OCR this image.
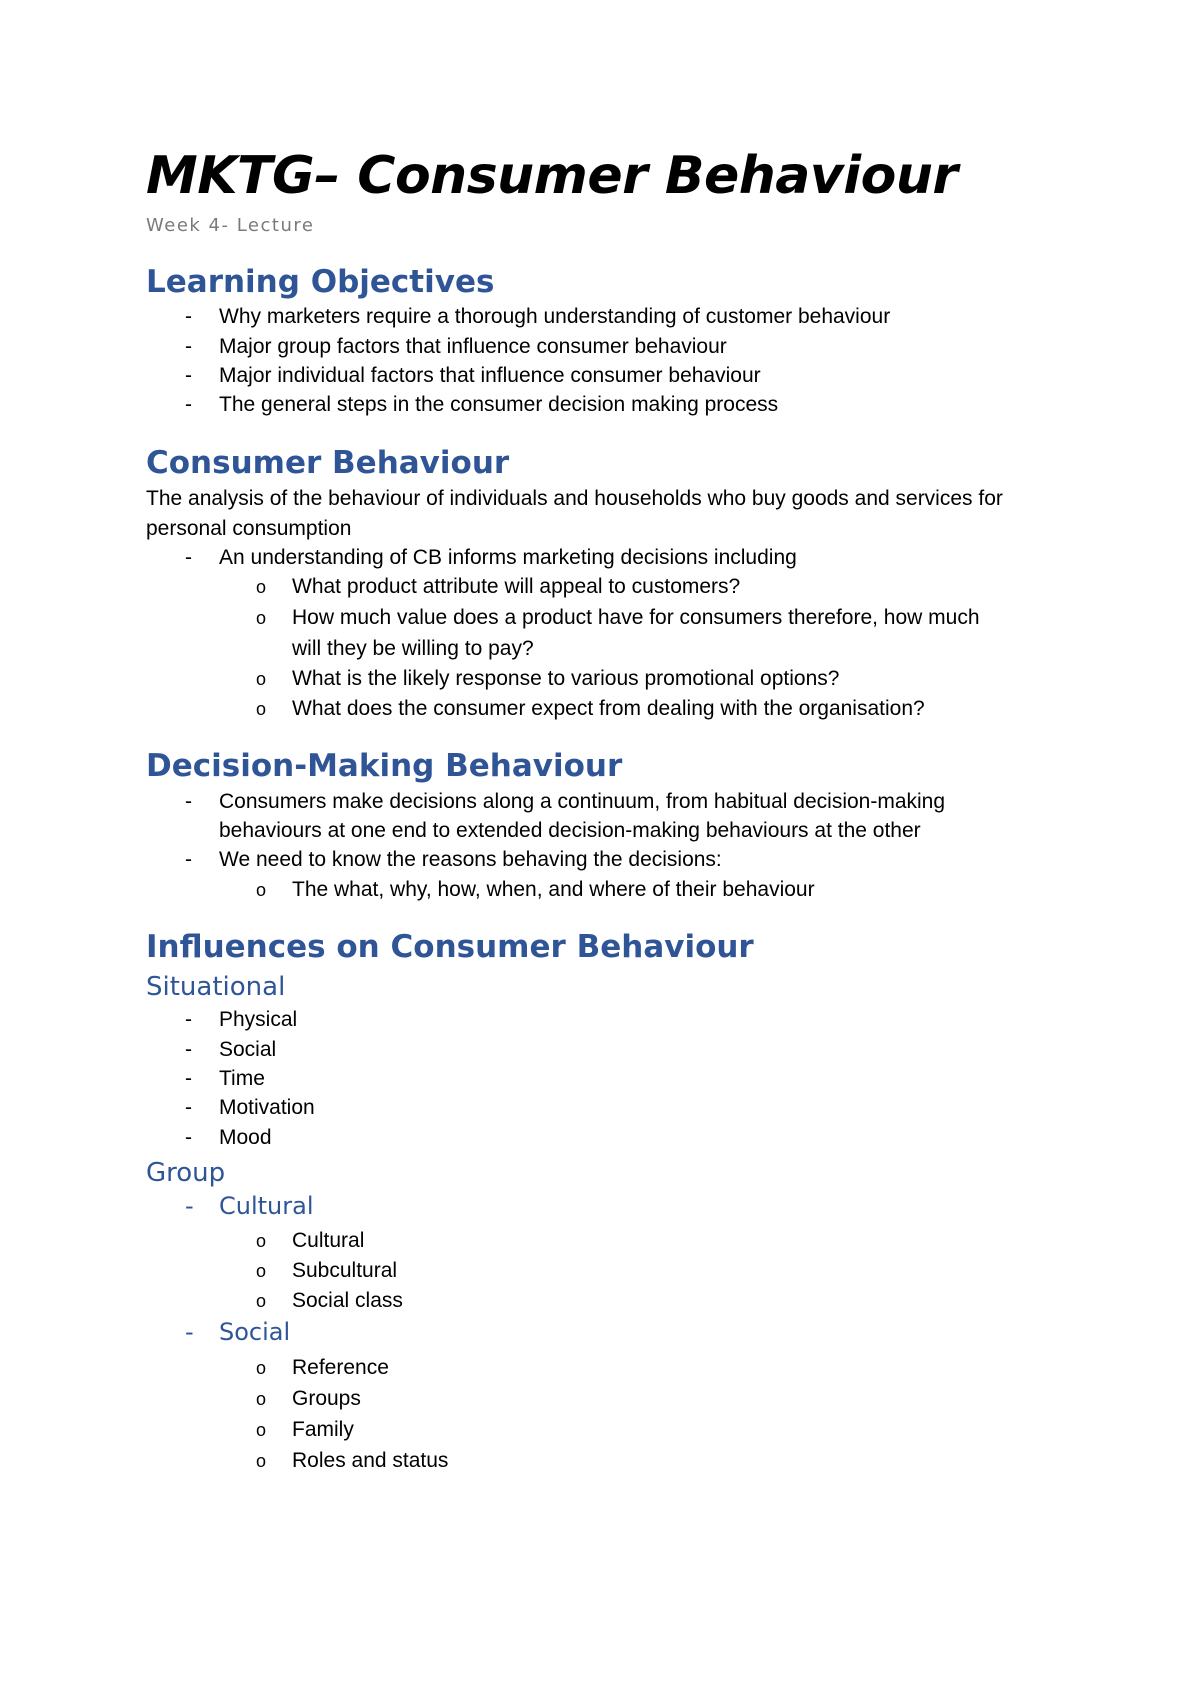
MKTG– Consumer Behaviour
Week 4- Lecture
Learning Objectives
- Why marketers require a thorough understanding of customer behaviour
- Major group factors that influence consumer behaviour
- Major individual factors that influence consumer behaviour
- The general steps in the consumer decision making process
Consumer Behaviour
The analysis of the behaviour of individuals and households who buy goods and services for
personal consumption
- An understanding of CB informs marketing decisions including
o What product attribute will appeal to customers?
o How much value does a product have for consumers therefore, how much
will they be willing to pay?
o What is the likely response to various promotional options?
o What does the consumer expect from dealing with the organisation?
Decision-Making Behaviour
- Consumers make decisions along a continuum, from habitual decision-making
behaviours at one end to extended decision-making behaviours at the other
- We need to know the reasons behaving the decisions:
o The what, why, how, when, and where of their behaviour
Influences on Consumer Behaviour
Situational
- Physical
- Social
- Time
- Motivation
- Mood
Group
- Cultural
o Cultural
o Subcultural
o Social class
- Social
o Reference
o Groups
o Family
o Roles and status
